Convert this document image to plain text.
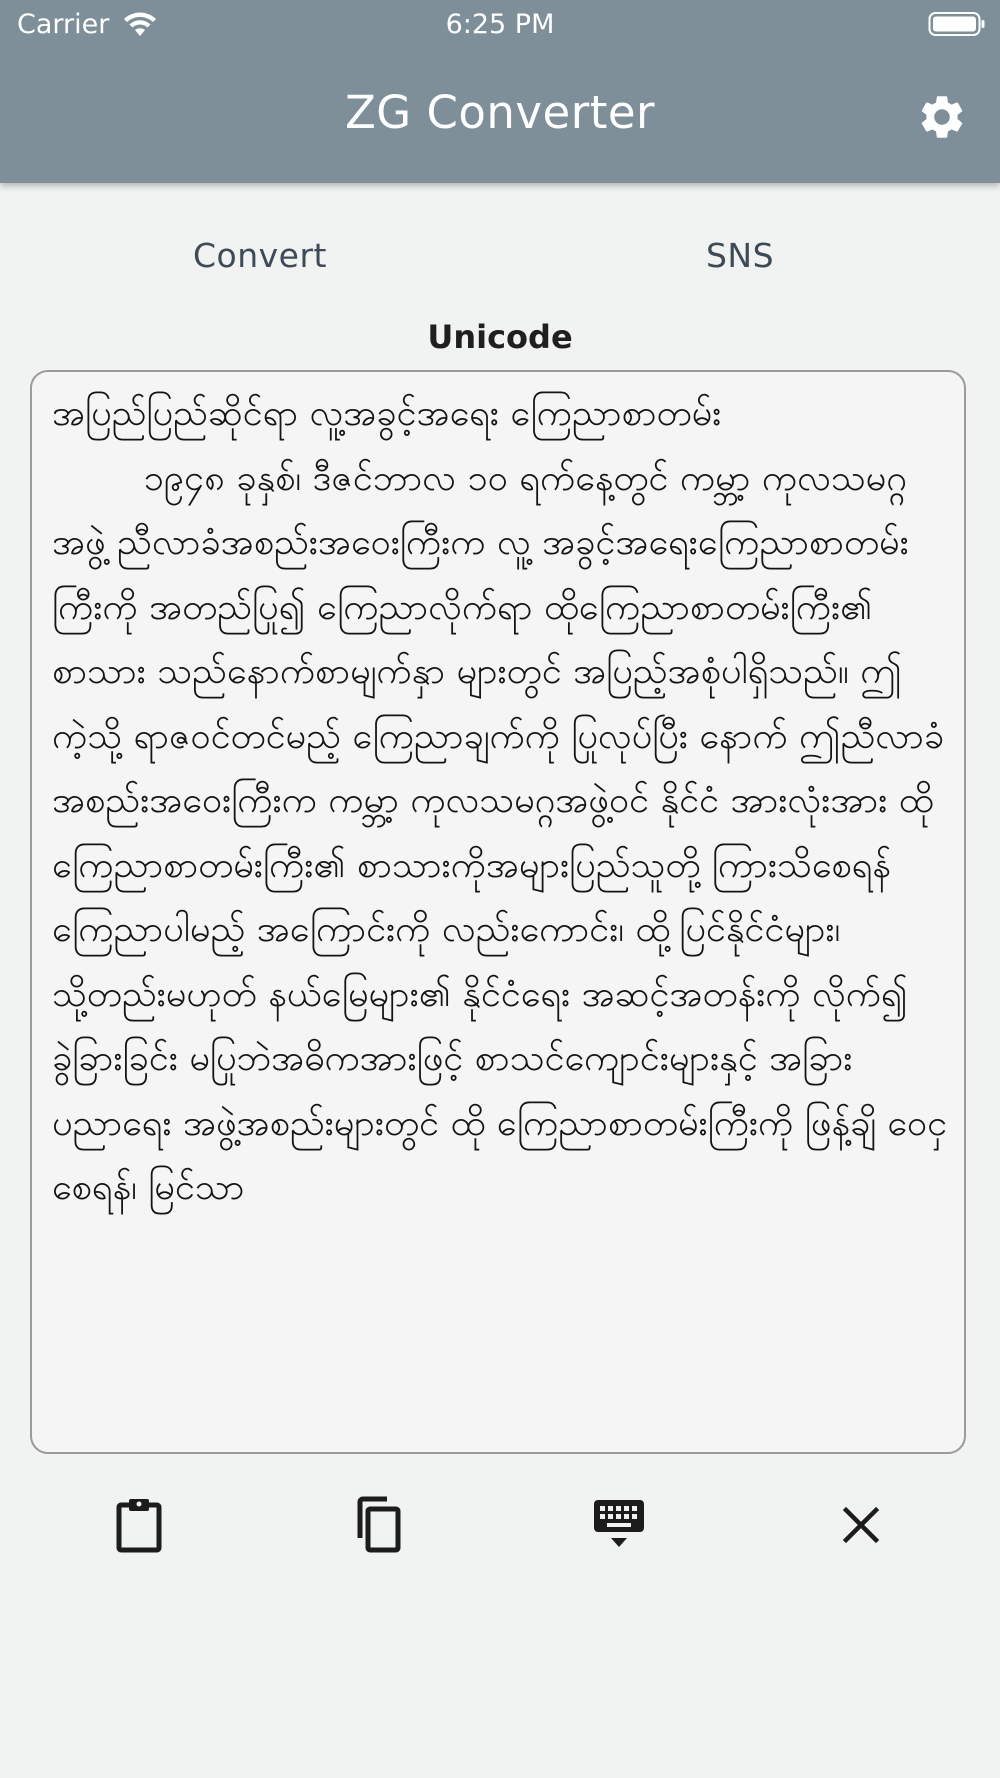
Carrier	6:25 PM
ZG Converter
Convert	SNS
Unicode
အပြည်ပြည်ဆိုင်ရာ လူ့အခွင့်အရေး ကြေညာစာတမ်း
၁၉၄၈ ခုနှစ်၊ ဒီဇင်ဘာလ ၁၀ ရက်နေ့တွင် ကမ္ဘာ့ ကုလသမဂ္ဂအဖွဲ့ ညီလာခံအစည်းအဝေးကြီးက လူ့ အခွင့်အရေးကြေညာစာတမ်းကြီးကို အတည်ပြု၍ ကြေညာလိုက်ရာ ထိုကြေညာစာတမ်းကြီး၏ စာသား သည်နောက်စာမျက်နှာ များတွင် အပြည့်အစုံပါရှိသည်။ ဤကဲ့သို့ ရာဇဝင်တင်မည့် ကြေညာချက်ကို ပြုလုပ်ပြီး နောက် ဤညီလာခံအစည်းအဝေးကြီးက ကမ္ဘာ့ ကုလသမဂ္ဂအဖွဲ့ဝင် နိုင်ငံ အားလုံးအား ထို ကြေညာစာတမ်းကြီး၏ စာသားကိုအများပြည်သူတို့ ကြားသိစေရန် ကြေညာပါမည့် အကြောင်းကို လည်းကောင်း၊ ထို့ပြင်နိုင်ငံများ၊ သို့တည်းမဟုတ် နယ်မြေများ၏ နိုင်ငံရေး အဆင့်အတန်းကို လိုက်၍ ခွဲခြားခြင်း မပြုဘဲအဓိကအားဖြင့် စာသင်ကျောင်းများနှင့် အခြားပညာရေး အဖွဲ့အစည်းများတွင် ထို ကြေညာစာတမ်းကြီးကို ဖြန့်ချိ ဝေငှ စေရန်၊ မြင်သာ
